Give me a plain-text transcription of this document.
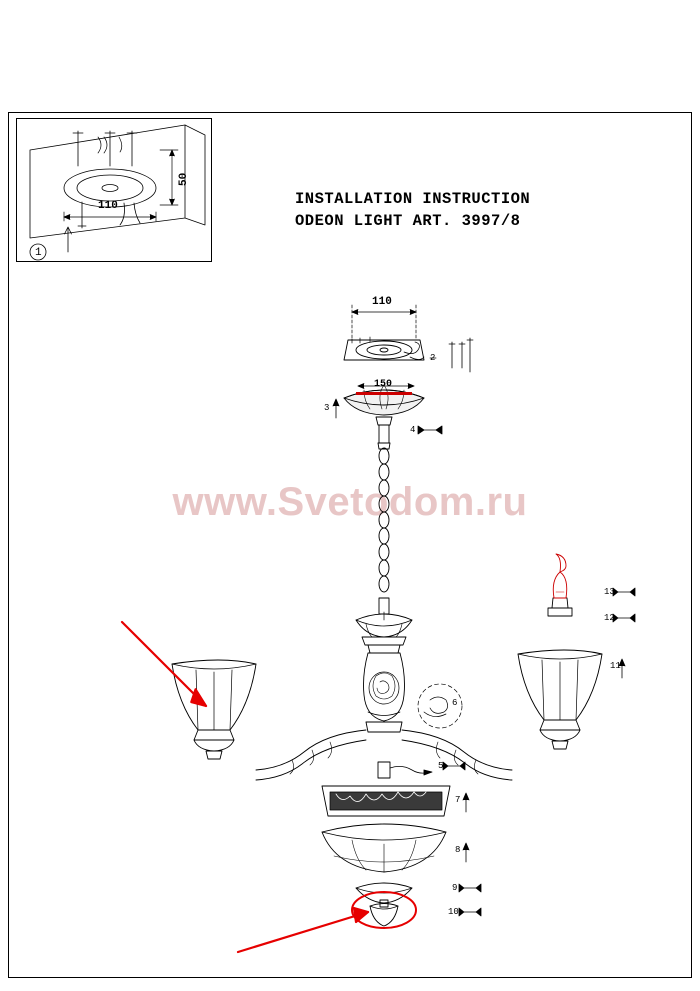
INSTALLATION INSTRUCTION
ODEON LIGHT ART. 3997/8
www.Svetodom.ru
110
50
1
110
150
2
3
4
5
6
7
8
9
10
11
12
13
